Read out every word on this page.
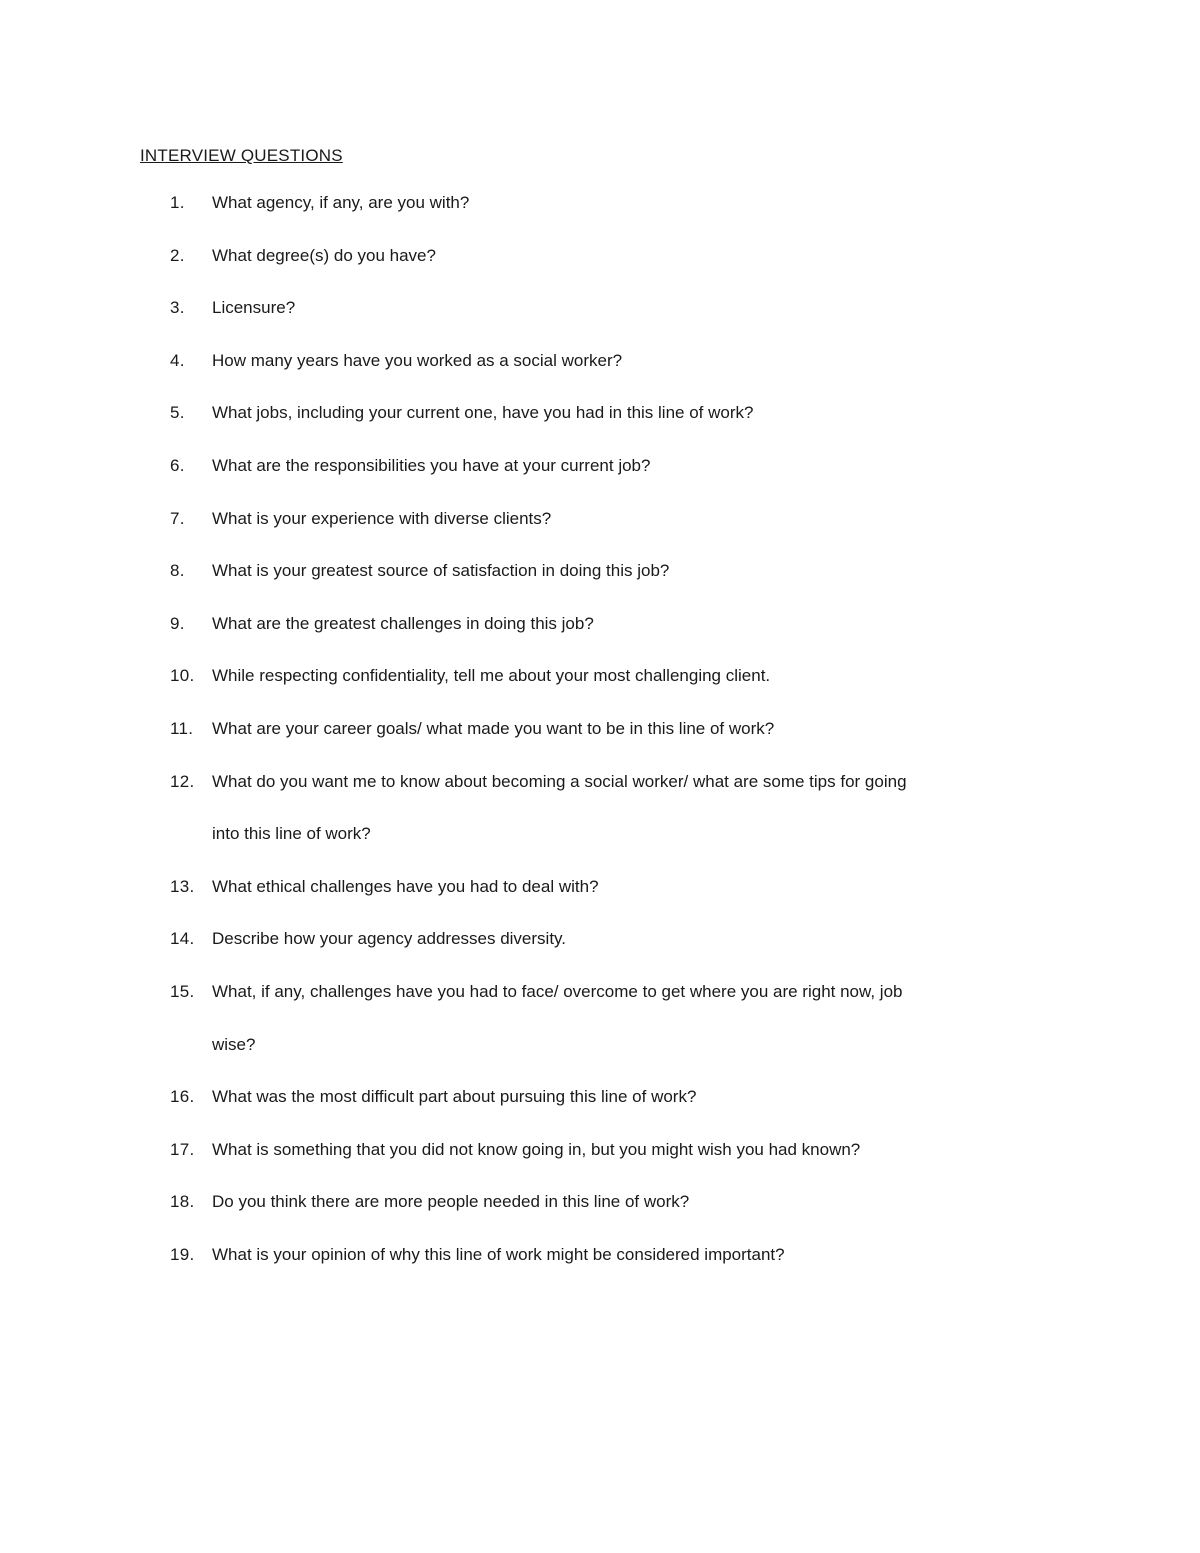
INTERVIEW QUESTIONS
1.	What agency, if any, are you with?
2.	What degree(s) do you have?
3.	Licensure?
4.	How many years have you worked as a social worker?
5.	What jobs, including your current one, have you had in this line of work?
6.	What are the responsibilities you have at your current job?
7.	What is your experience with diverse clients?
8.	What is your greatest source of satisfaction in doing this job?
9.	What are the greatest challenges in doing this job?
10.	While respecting confidentiality, tell me about your most challenging client.
11.	What are your career goals/ what made you want to be in this line of work?
12.	What do you want me to know about becoming a social worker/ what are some tips for going
into this line of work?
13.	What ethical challenges have you had to deal with?
14.	Describe how your agency addresses diversity.
15.	What, if any, challenges have you had to face/ overcome to get where you are right now, job
wise?
16.	What was the most difficult part about pursuing this line of work?
17.	What is something that you did not know going in, but you might wish you had known?
18.	Do you think there are more people needed in this line of work?
19.	What is your opinion of why this line of work might be considered important?
